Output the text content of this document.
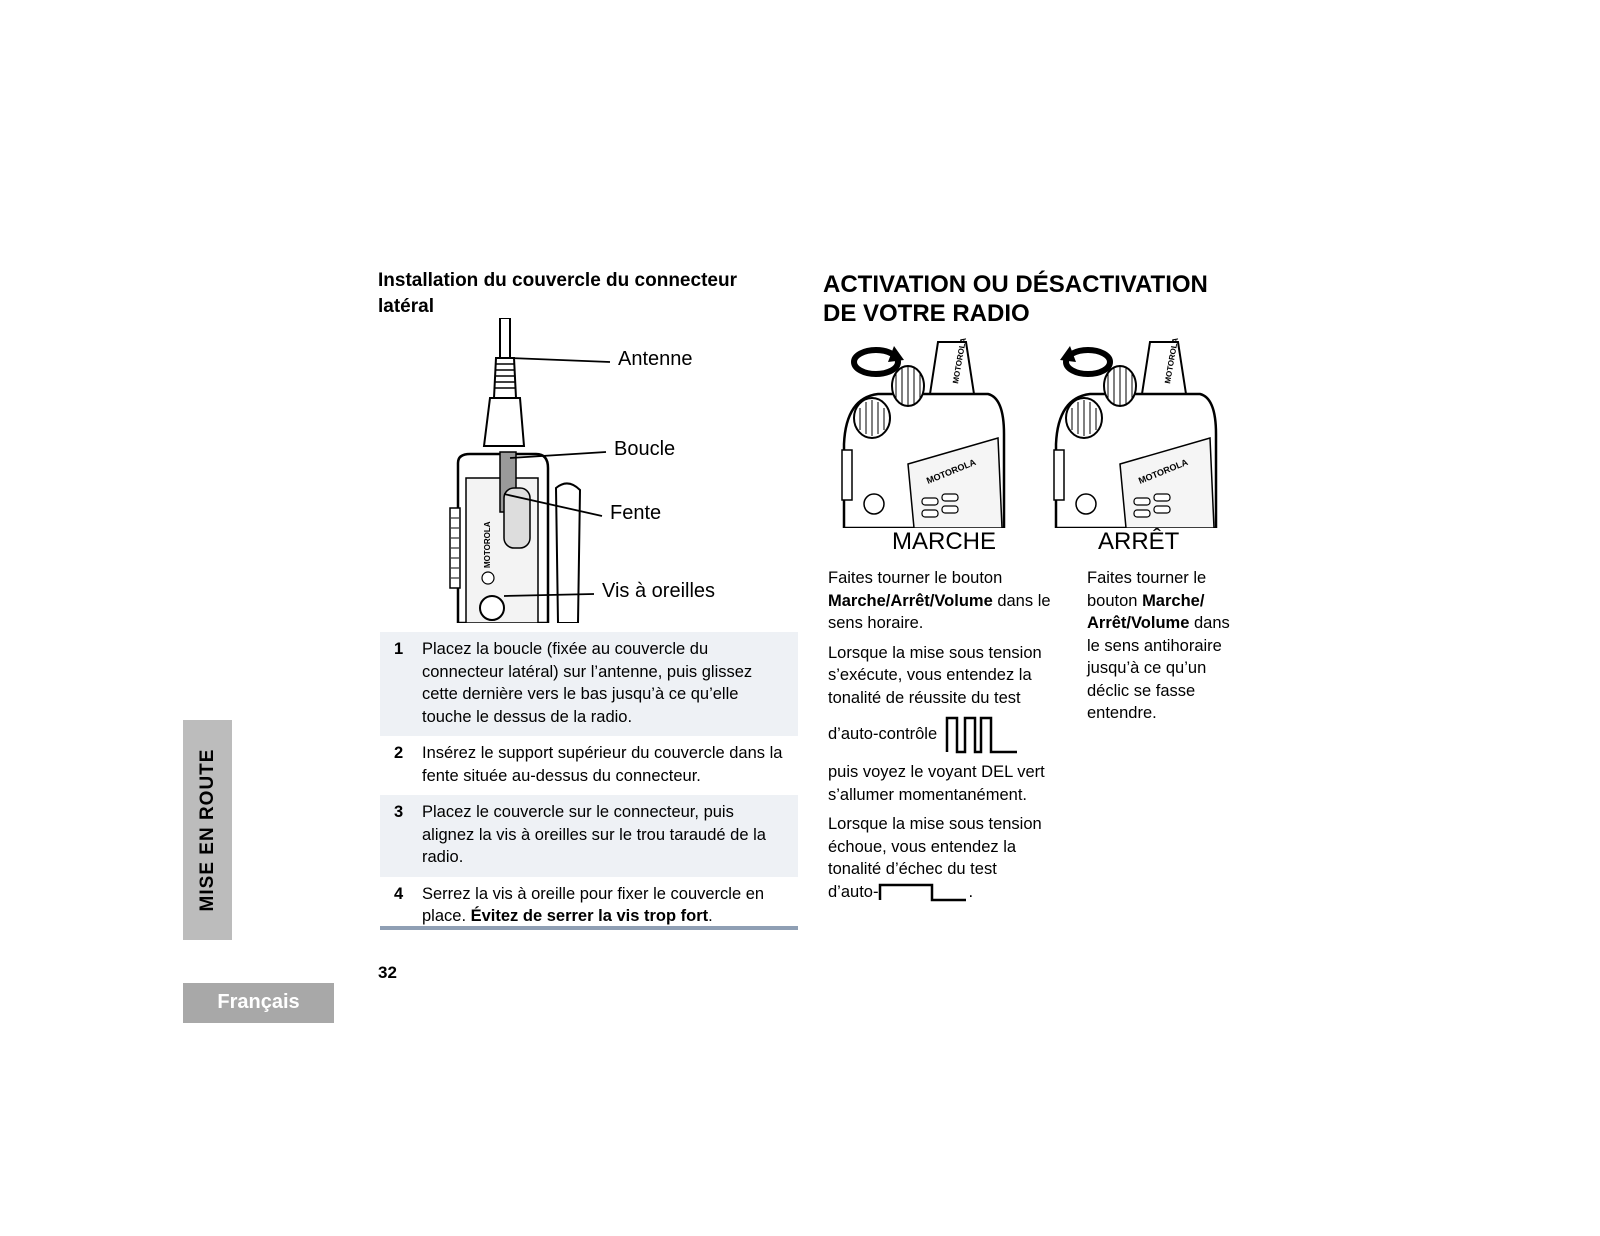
Installation du couvercle du connecteur latéral
MOTOROLA
Antenne
Boucle
Fente
Vis à oreilles
1	Placez la boucle (fixée au couvercle du connecteur latéral) sur l’antenne, puis glissez cette dernière vers le bas jusqu’à ce qu’elle touche le dessus de la radio.
2	Insérez le support supérieur du couvercle dans la fente située au-dessus du connecteur.
3	Placez le couvercle sur le connecteur, puis alignez la vis à oreilles sur le trou taraudé de la radio.
4	Serrez la vis à oreille pour fixer le couvercle en place. Évitez de serrer la vis trop fort.
MISE EN ROUTE
Français
32
ACTIVATION OU DÉSACTIVATION
DE VOTRE RADIO
MOTOROLA
MOTOROLA
MOTOROLA
MOTOROLA
MARCHE	ARRÊT

Faites tourner le bouton Marche/Arrêt/Volume dans le sens horaire.

Lorsque la mise sous tension s’exécute, vous entendez la tonalité de réussite du test

d’auto-contrôle

puis voyez le voyant DEL vert s’allumer momentanément.

Lorsque la mise sous tension échoue, vous entendez la tonalité d’échec du test
d’auto-	.

Faites tourner le bouton Marche/ Arrêt/Volume dans le sens antihoraire jusqu’à ce qu’un déclic se fasse entendre.
